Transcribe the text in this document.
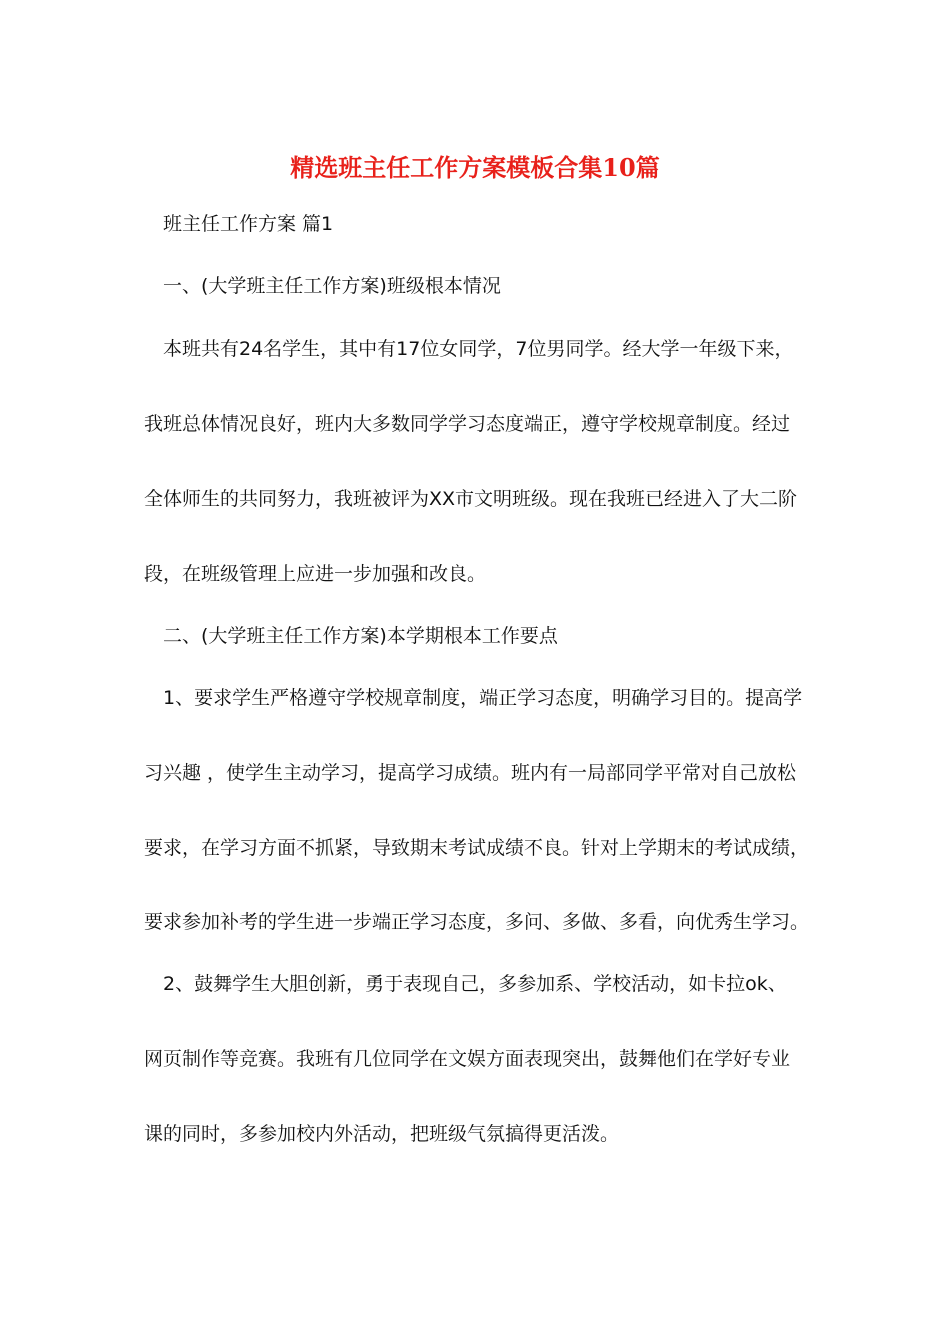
精选班主任工作方案模板合集10篇
班主任工作方案 篇1
一、(大学班主任工作方案)班级根本情况
本班共有24名学生，其中有17位女同学，7位男同学。经大学一年级下来，
我班总体情况良好，班内大多数同学学习态度端正，遵守学校规章制度。经过
全体师生的共同努力，我班被评为XX市文明班级。现在我班已经进入了大二阶
段，在班级管理上应进一步加强和改良。
二、(大学班主任工作方案)本学期根本工作要点
1、要求学生严格遵守学校规章制度，端正学习态度，明确学习目的。提高学
习兴趣 ，使学生主动学习，提高学习成绩。班内有一局部同学平常对自己放松
要求，在学习方面不抓紧，导致期末考试成绩不良。针对上学期末的考试成绩，
要求参加补考的学生进一步端正学习态度，多问、多做、多看，向优秀生学习。
2、鼓舞学生大胆创新，勇于表现自己，多参加系、学校活动，如卡拉ok、
网页制作等竞赛。我班有几位同学在文娱方面表现突出，鼓舞他们在学好专业
课的同时，多参加校内外活动，把班级气氛搞得更活泼。
